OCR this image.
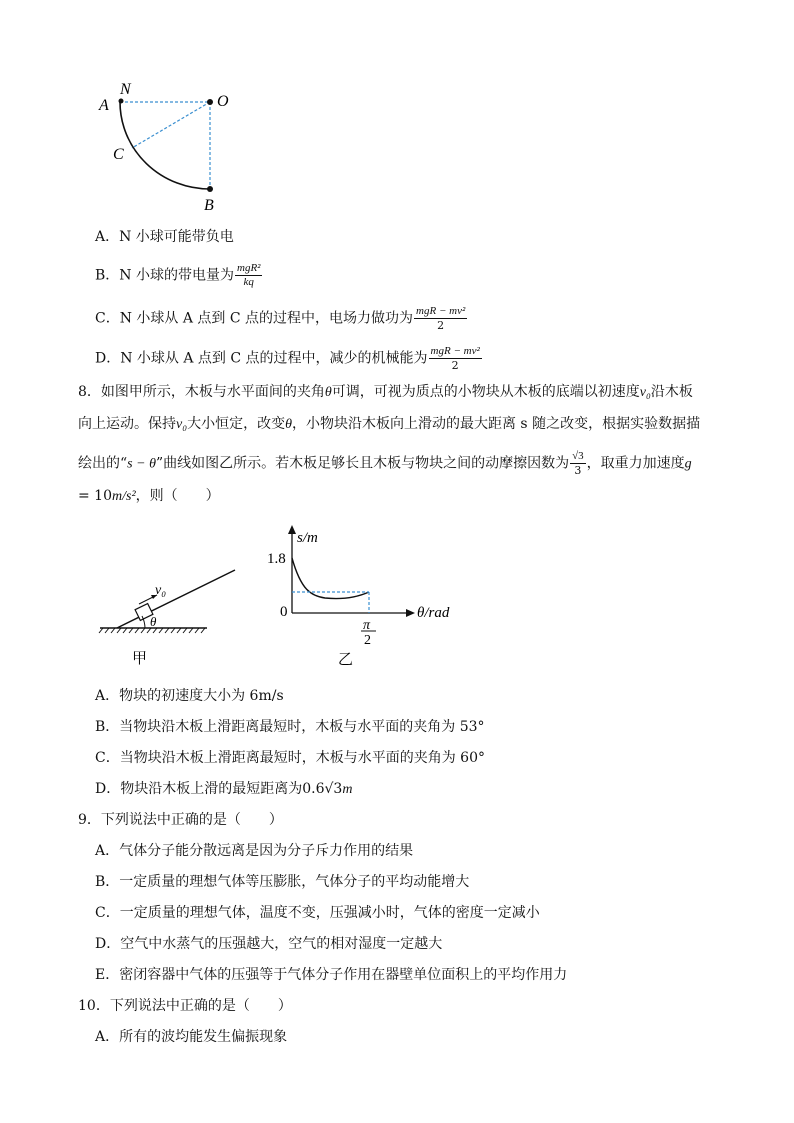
N
A	O
C
B
A．N 小球可能带负电
B．N 小球的带电量为 $\frac{\text{mgR²}}{kq}$
C．N 小球从 A 点到 C 点的过程中，电场力做功为 $\frac{\text{mgR − mv²}}{2}$
D．N 小球从 A 点到 C 点的过程中，减少的机械能为 $\frac{\text{mgR − mv²}}{2}$
8．如图甲所示，木板与水平面间的夹角θ可调，可视为质点的小物块从木板的底端以初速度v₀沿木板
向上运动。保持v₀大小恒定，改变θ，小物块沿木板向上滑动的最大距离 s 随之改变，根据实验数据描
绘出的“s − θ”曲线如图乙所示。若木板足够长且木板与物块之间的动摩擦因数为 $\frac{√3}{3}$ ，取重力加速度g
= 10m/s²，则（　　）
v₀
θ
甲
s/m
1.8
0	θ/rad
π
2
乙
A．物块的初速度大小为 6m/s
B．当物块沿木板上滑距离最短时，木板与水平面的夹角为 53°
C．当物块沿木板上滑距离最短时，木板与水平面的夹角为 60°
D．物块沿木板上滑的最短距离为0.6√3m
9．下列说法中正确的是（　　）
A．气体分子能分散远离是因为分子斥力作用的结果
B．一定质量的理想气体等压膨胀，气体分子的平均动能增大
C．一定质量的理想气体，温度不变，压强减小时，气体的密度一定减小
D．空气中水蒸气的压强越大，空气的相对湿度一定越大
E．密闭容器中气体的压强等于气体分子作用在器壁单位面积上的平均作用力
10．下列说法中正确的是（　　）
A．所有的波均能发生偏振现象
